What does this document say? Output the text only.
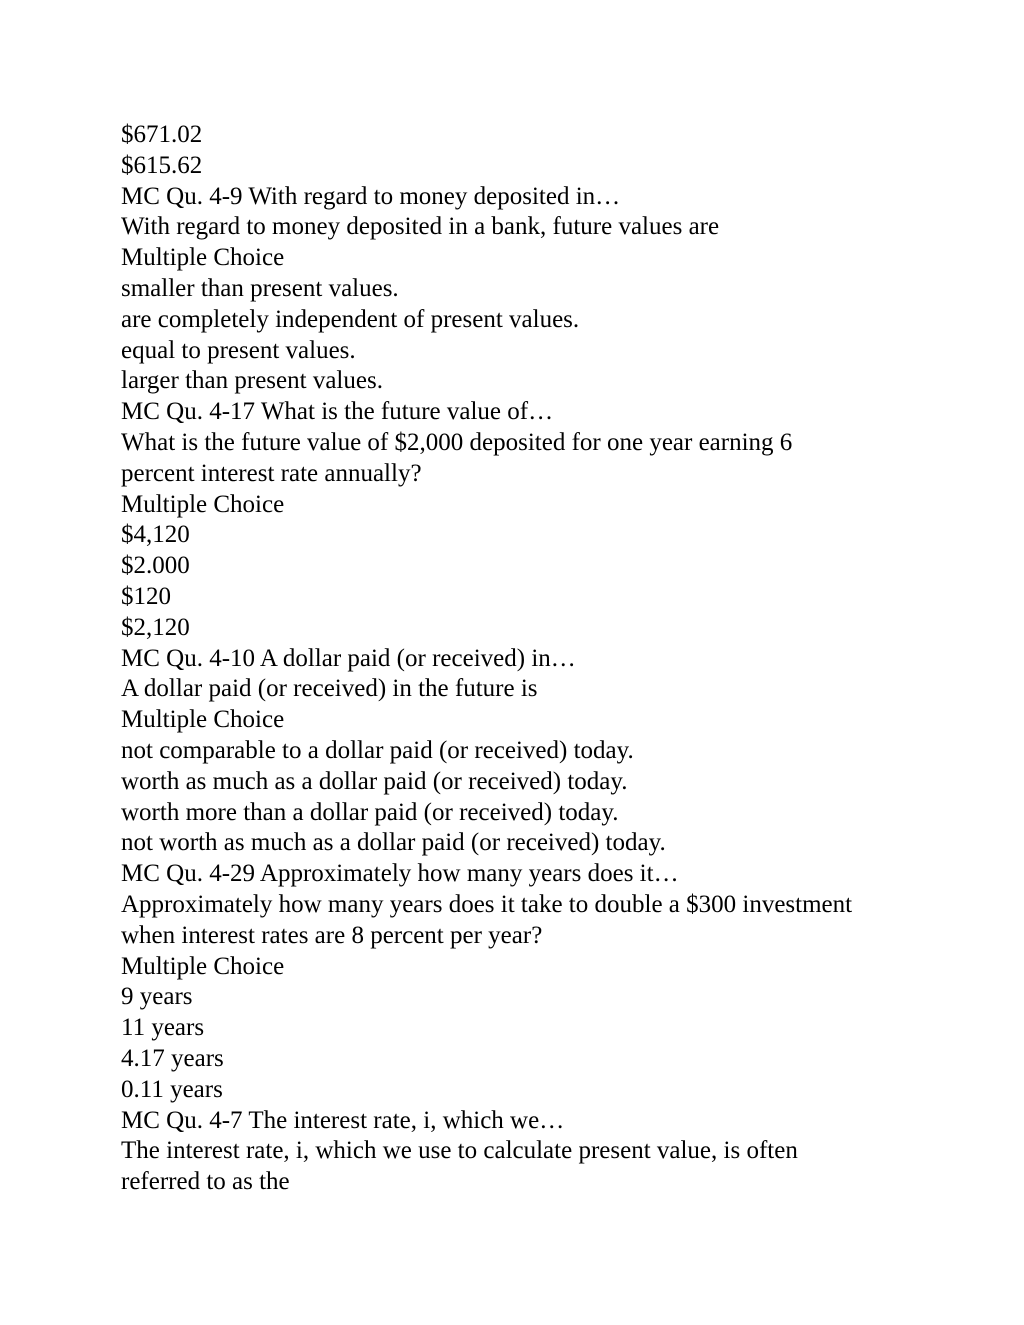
$671.02
$615.62
MC Qu. 4-9 With regard to money deposited in…
With regard to money deposited in a bank, future values are
Multiple Choice
smaller than present values.
are completely independent of present values.
equal to present values.
larger than present values.
MC Qu. 4-17 What is the future value of…
What is the future value of $2,000 deposited for one year earning 6
percent interest rate annually?
Multiple Choice
$4,120
$2.000
$120
$2,120
MC Qu. 4-10 A dollar paid (or received) in…
A dollar paid (or received) in the future is
Multiple Choice
not comparable to a dollar paid (or received) today.
worth as much as a dollar paid (or received) today.
worth more than a dollar paid (or received) today.
not worth as much as a dollar paid (or received) today.
MC Qu. 4-29 Approximately how many years does it…
Approximately how many years does it take to double a $300 investment
when interest rates are 8 percent per year?
Multiple Choice
9 years
11 years
4.17 years
0.11 years
MC Qu. 4-7 The interest rate, i, which we…
The interest rate, i, which we use to calculate present value, is often
referred to as the
